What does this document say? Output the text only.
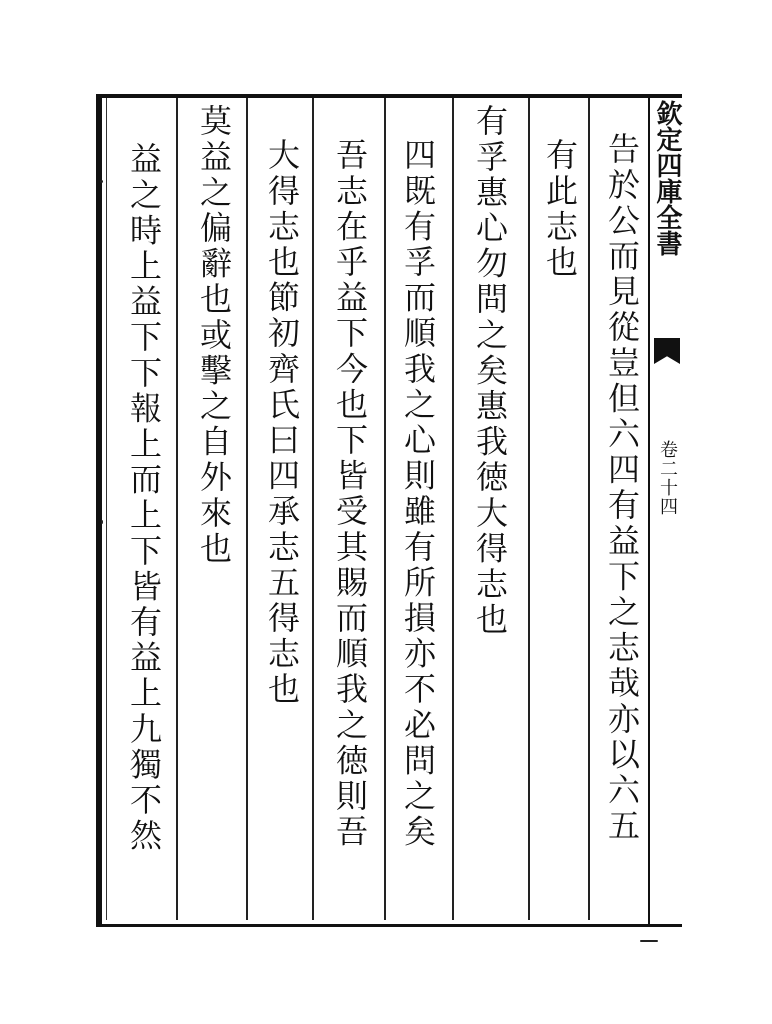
欽定四庫全書
卷二十四
告於公而見從豈但六四有益下之志哉亦以六五
有此志也
有孚惠心勿問之矣惠我徳大得志也
四既有孚而順我之心則雖有所損亦不必問之矣
吾志在乎益下今也下皆受其賜而順我之徳則吾
大得志也節初齊氏曰四承志五得志也
莫益之偏辭也或擊之自外來也
益之時上益下下報上而上下皆有益上九獨不然
